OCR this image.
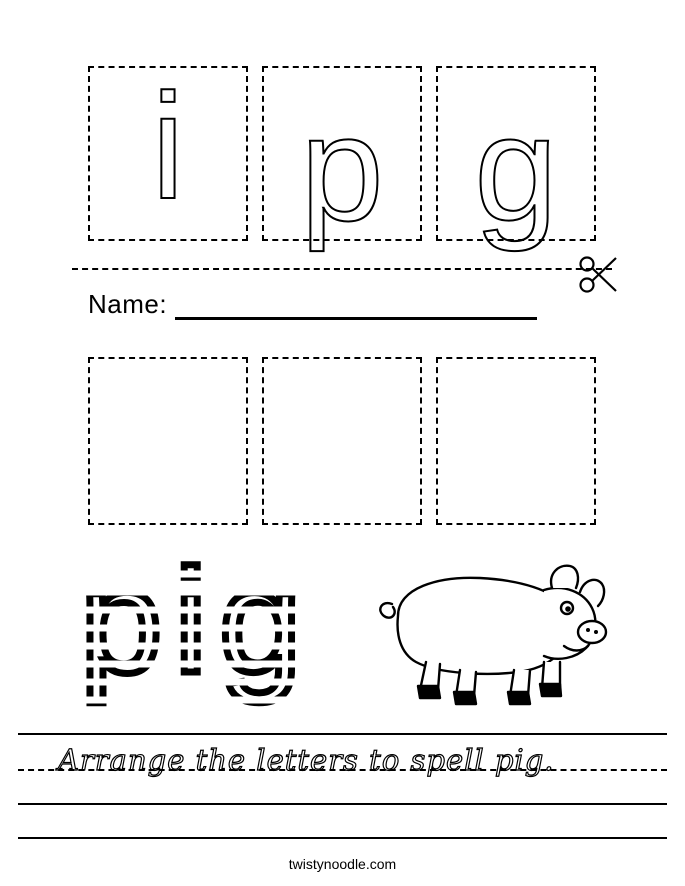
i p g
Name:
pig
Arrange the letters to spell pig.
twistynoodle.com
